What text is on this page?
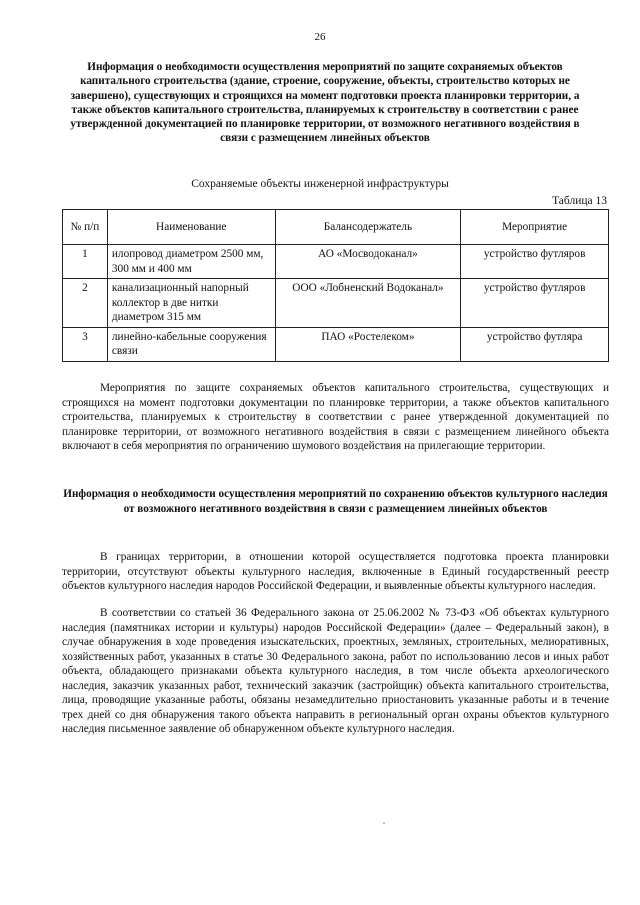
26
Информация о необходимости осуществления мероприятий по защите сохраняемых объектов капитального строительства (здание, строение, сооружение, объекты, строительство которых не завершено), существующих и строящихся на момент подготовки проекта планировки территории, а также объектов капитального строительства, планируемых к строительству в соответствии с ранее утвержденной документацией по планировке территории, от возможного негативного воздействия в связи с размещением линейных объектов
Сохраняемые объекты инженерной инфраструктуры
Таблица 13
№ п/п	Наименование	Балансодержатель	Мероприятие
1	илопровод диаметром 2500 мм, 300 мм и 400 мм	АО «Мосводоканал»	устройство футляров
2	канализационный напорный коллектор в две нитки диаметром 315 мм	ООО «Лобненский Водоканал»	устройство футляров
3	линейно-кабельные сооружения связи	ПАО «Ростелеком»	устройство футляра
Мероприятия по защите сохраняемых объектов капитального строительства, существующих и строящихся на момент подготовки документации по планировке территории, а также объектов капитального строительства, планируемых к строительству в соответствии с ранее утвержденной документацией по планировке территории, от возможного негативного воздействия в связи с размещением линейного объекта включают в себя мероприятия по ограничению шумового воздействия на прилегающие территории.
Информация о необходимости осуществления мероприятий по сохранению объектов культурного наследия от возможного негативного воздействия в связи с размещением линейных объектов
В границах территории, в отношении которой осуществляется подготовка проекта планировки территории, отсутствуют объекты культурного наследия, включенные в Единый государственный реестр объектов культурного наследия народов Российской Федерации, и выявленные объекты культурного наследия.
В соответствии со статьей 36 Федерального закона от 25.06.2002 № 73-ФЗ «Об объектах культурного наследия (памятниках истории и культуры) народов Российской Федерации» (далее – Федеральный закон), в случае обнаружения в ходе проведения изыскательских, проектных, земляных, строительных, мелиоративных, хозяйственных работ, указанных в статье 30 Федерального закона, работ по использованию лесов и иных работ объекта, обладающего признаками объекта культурного наследия, в том числе объекта археологического наследия, заказчик указанных работ, технический заказчик (застройщик) объекта капитального строительства, лица, проводящие указанные работы, обязаны незамедлительно приостановить указанные работы и в течение трех дней со дня обнаружения такого объекта направить в региональный орган охраны объектов культурного наследия письменное заявление об обнаруженном объекте культурного наследия.
